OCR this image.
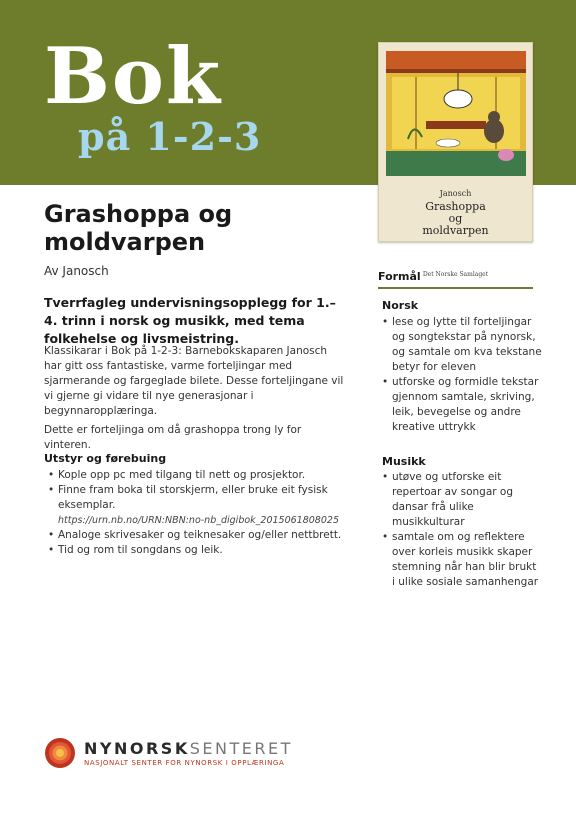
Bok
på 1-2-3
Janosch
Grashoppa
og
moldvarpen
Det Norske Samlaget
Grashoppa og moldvarpen
Av Janosch

Tverrfagleg undervisningsopplegg for 1.–4. trinn i norsk og musikk, med tema folkehelse og livsmeistring.

Klassikarar i Bok på 1-2-3: Barnebokskaparen Janosch har gitt oss fantastiske, varme forteljingar med sjarmerande og fargeglade bilete. Desse forteljingane vil vi gjerne gi vidare til nye generasjonar i begynnaropplæringa.

Dette er forteljinga om då grashoppa trong ly for vinteren.

Utstyr og førebuing
• Kople opp pc med tilgang til nett og prosjektor.
• Finne fram boka til storskjerm, eller bruke eit fysisk eksemplar.
https://urn.nb.no/URN:NBN:no-nb_digibok_2015061808025
• Analoge skrivesaker og teiknesaker og/eller nettbrett.
• Tid og rom til songdans og leik.
Formål
Norsk
• lese og lytte til forteljingar og songtekstar på nynorsk, og samtale om kva tekstane betyr for eleven
• utforske og formidle tekstar gjennom samtale, skriving, leik, bevegelse og andre kreative uttrykk
Musikk
• utøve og utforske eit repertoar av songar og dansar frå ulike musikkulturar
• samtale om og reflektere over korleis musikk skaper stemning når han blir brukt i ulike sosiale samanhengar
NYNORSKSENTERET
NASJONALT SENTER FOR NYNORSK I OPPLÆRINGA
